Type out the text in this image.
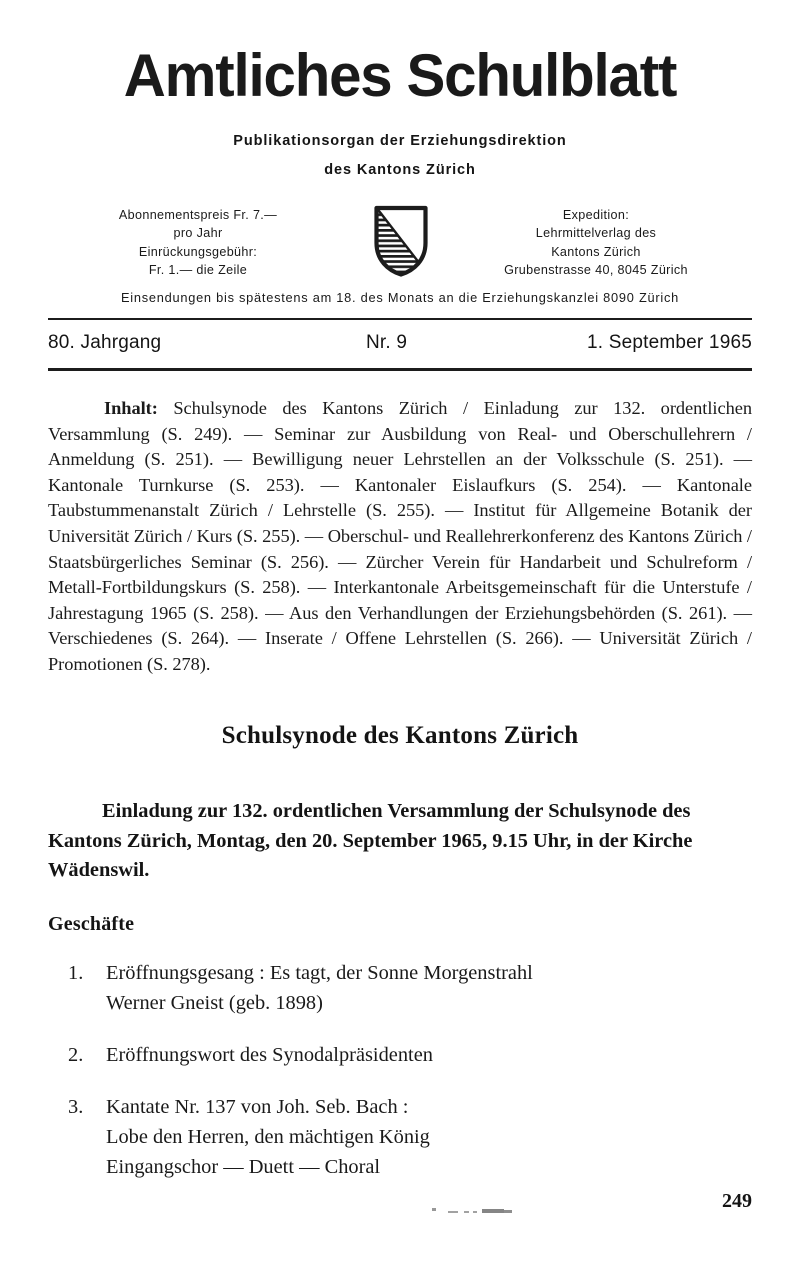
Amtliches Schulblatt
Publikationsorgan der Erziehungsdirektion
des Kantons Zürich
Abonnementspreis Fr. 7.—
pro Jahr
Einrückungsgebühr:
Fr. 1.— die Zeile
Expedition:
Lehrmittelverlag des
Kantons Zürich
Grubenstrasse 40, 8045 Zürich
Einsendungen bis spätestens am 18. des Monats an die Erziehungskanzlei 8090 Zürich
80. Jahrgang	Nr. 9	1. September 1965
Inhalt: Schulsynode des Kantons Zürich / Einladung zur 132. ordentlichen Versammlung (S. 249). — Seminar zur Ausbildung von Real- und Oberschullehrern / Anmeldung (S. 251). — Bewilligung neuer Lehrstellen an der Volksschule (S. 251). — Kantonale Turnkurse (S. 253). — Kantonaler Eislaufkurs (S. 254). — Kantonale Taubstummenanstalt Zürich / Lehrstelle (S. 255). — Institut für Allgemeine Botanik der Universität Zürich / Kurs (S. 255). — Oberschul- und Reallehrerkonferenz des Kantons Zürich / Staatsbürgerliches Seminar (S. 256). — Zürcher Verein für Handarbeit und Schulreform / Metall-Fortbildungskurs (S. 258). — Interkantonale Arbeitsgemeinschaft für die Unterstufe / Jahrestagung 1965 (S. 258). — Aus den Verhandlungen der Erziehungsbehörden (S. 261). — Verschiedenes (S. 264). — Inserate / Offene Lehrstellen (S. 266). — Universität Zürich / Promotionen (S. 278).
Schulsynode des Kantons Zürich
Einladung zur 132. ordentlichen Versammlung der Schulsynode des Kantons Zürich, Montag, den 20. September 1965, 9.15 Uhr, in der Kirche Wädenswil.
Geschäfte
1.	Eröffnungsgesang : Es tagt, der Sonne Morgenstrahl
Werner Gneist (geb. 1898)
2.	Eröffnungswort des Synodalpräsidenten
3.	Kantate Nr. 137 von Joh. Seb. Bach :
Lobe den Herren, den mächtigen König
Eingangschor — Duett — Choral
249
